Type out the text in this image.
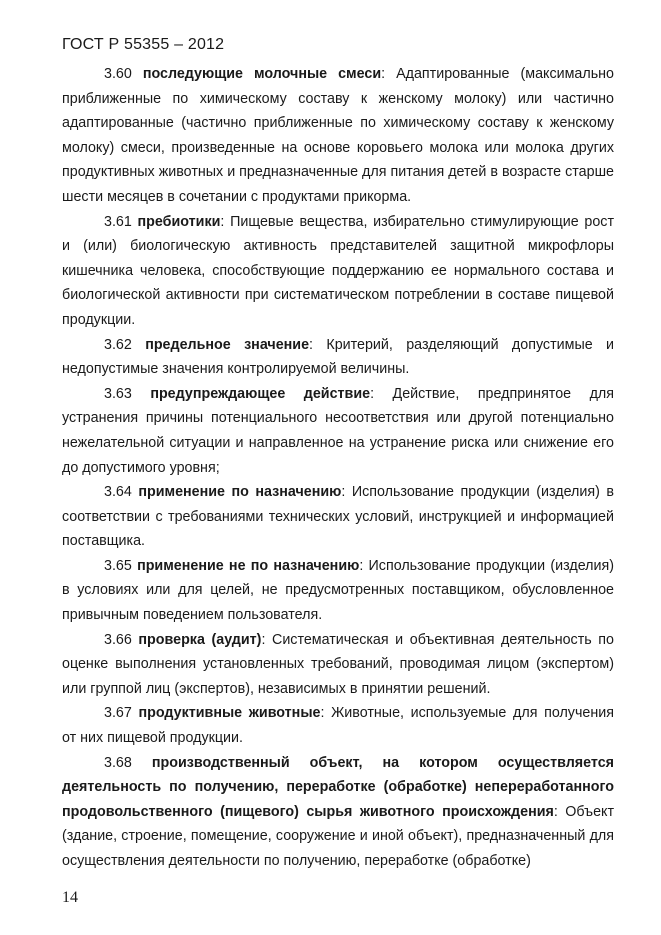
ГОСТ Р 55355 – 2012

3.60 последующие молочные смеси: Адаптированные (максимально приближенные по химическому составу к женскому молоку) или частично адаптированные (частично приближенные по химическому составу к женскому молоку) смеси, произведенные на основе коровьего молока или молока других продуктивных животных и предназначенные для питания детей в возрасте старше шести месяцев в сочетании с продуктами прикорма.

3.61 пребиотики: Пищевые вещества, избирательно стимулирующие рост и (или) биологическую активность представителей защитной микрофлоры кишечника человека, способствующие поддержанию ее нормального состава и биологической активности при систематическом потреблении в составе пищевой продукции.

3.62 предельное значение: Критерий, разделяющий допустимые и недопустимые значения контролируемой величины.

3.63 предупреждающее действие: Действие, предпринятое для устранения причины потенциального несоответствия или другой потенциально нежелательной ситуации и направленное на устранение риска или снижение его до допустимого уровня;

3.64 применение по назначению: Использование продукции (изделия) в соответствии с требованиями технических условий, инструкцией и информацией поставщика.

3.65 применение не по назначению: Использование продукции (изделия) в условиях или для целей, не предусмотренных поставщиком, обусловленное привычным поведением пользователя.

3.66 проверка (аудит): Систематическая и объективная деятельность по оценке выполнения установленных требований, проводимая лицом (экспертом) или группой лиц (экспертов), независимых в принятии решений.

3.67 продуктивные животные: Животные, используемые для получения от них пищевой продукции.

3.68 производственный объект, на котором осуществляется деятельность по получению, переработке (обработке) непереработанного продовольственного (пищевого) сырья животного происхождения: Объект (здание, строение, помещение, сооружение и иной объект), предназначенный для осуществления деятельности по получению, переработке (обработке)

14
